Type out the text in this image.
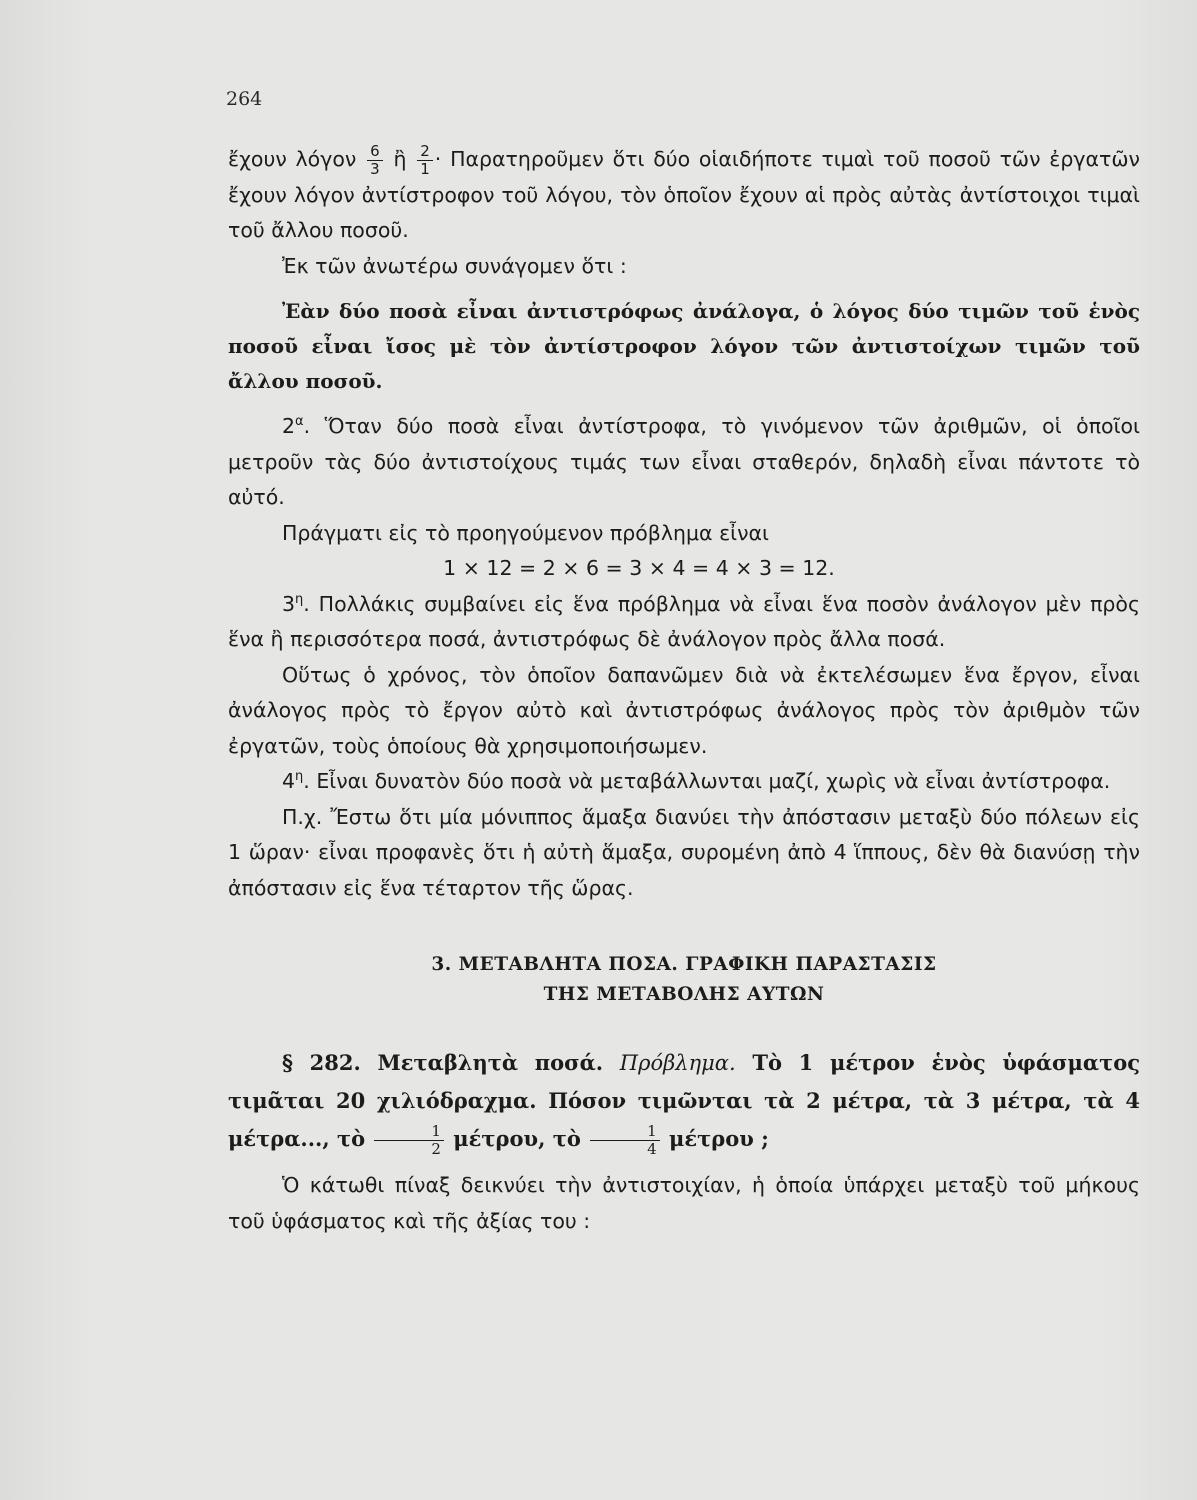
264

ἔχουν λόγον $\frac{6}{3}$ ἢ $\frac{2}{1}$ · Παρατηροῦμεν ὅτι δύο οἱαιδήποτε τιμαὶ τοῦ ποσοῦ τῶν ἐργατῶν ἔχουν λόγον ἀντίστροφον τοῦ λόγου, τὸν ὁποῖον ἔχουν αἱ πρὸς αὐτὰς ἀντίστοιχοι τιμαὶ τοῦ ἄλλου ποσοῦ.

Ἐκ τῶν ἀνωτέρω συνάγομεν ὅτι :

Ἐὰν δύο ποσὰ εἶναι ἀντιστρόφως ἀνάλογα, ὁ λόγος δύο τιμῶν τοῦ ἑνὸς ποσοῦ εἶναι ἴσος μὲ τὸν ἀντίστροφον λόγον τῶν ἀντιστοίχων τιμῶν τοῦ ἄλλου ποσοῦ.

$2^\alpha$. Ὅταν δύο ποσὰ εἶναι ἀντίστροφα, τὸ γινόμενον τῶν ἀριθμῶν, οἱ ὁποῖοι μετροῦν τὰς δύο ἀντιστοίχους τιμάς των εἶναι σταθερόν, δηλαδὴ εἶναι πάντοτε τὸ αὐτό.

Πράγματι εἰς τὸ προηγούμενον πρόβλημα εἶναι

1 × 12 = 2 × 6 = 3 × 4 = 4 × 3 = 12.

$3^\eta$. Πολλάκις συμβαίνει εἰς ἕνα πρόβλημα νὰ εἶναι ἕνα ποσὸν ἀνάλογον μὲν πρὸς ἕνα ἢ περισσότερα ποσά, ἀντιστρόφως δὲ ἀνάλογον πρὸς ἄλλα ποσά.

Οὕτως ὁ χρόνος, τὸν ὁποῖον δαπανῶμεν διὰ νὰ ἐκτελέσωμεν ἕνα ἔργον, εἶναι ἀνάλογος πρὸς τὸ ἔργον αὐτὸ καὶ ἀντιστρόφως ἀνάλογος πρὸς τὸν ἀριθμὸν τῶν ἐργατῶν, τοὺς ὁποίους θὰ χρησιμοποιήσωμεν.

$4^\eta$. Εἶναι δυνατὸν δύο ποσὰ νὰ μεταβάλλωνται μαζί, χωρὶς νὰ εἶναι ἀντίστροφα.

Π.χ. Ἔστω ὅτι μία μόνιππος ἅμαξα διανύει τὴν ἀπόστασιν μεταξὺ δύο πόλεων εἰς 1 ὥραν· εἶναι προφανὲς ὅτι ἡ αὐτὴ ἅμαξα, συρομένη ἀπὸ 4 ἵππους, δὲν θὰ διανύσῃ τὴν ἀπόστασιν εἰς ἕνα τέταρτον τῆς ὥρας.

3. ΜΕΤΑΒΛΗΤΑ ΠΟΣΑ. ΓΡΑΦΙΚΗ ΠΑΡΑΣΤΑΣΙΣ

ΤΗΣ ΜΕΤΑΒΟΛΗΣ ΑΥΤΩΝ

§ 282. Μεταβλητὰ ποσά. Πρόβλημα. Τὸ 1 μέτρον ἑνὸς ὑφάσματος τιμᾶται 20 χιλιόδραχμα. Πόσον τιμῶνται τὰ 2 μέτρα, τὰ 3 μέτρα, τὰ 4 μέτρα..., τὸ $\frac{1}{2} \mu έ\tau\rho o\upsilon$, τὸ $\frac{1}{4}$ μέτρου ;

Ὁ κάτωθι πίναξ δεικνύει τὴν ἀντιστοιχίαν, ἡ ὁποία ὑπάρχει μεταξὺ τοῦ μήκους τοῦ ὑφάσματος καὶ τῆς ἀξίας του :
